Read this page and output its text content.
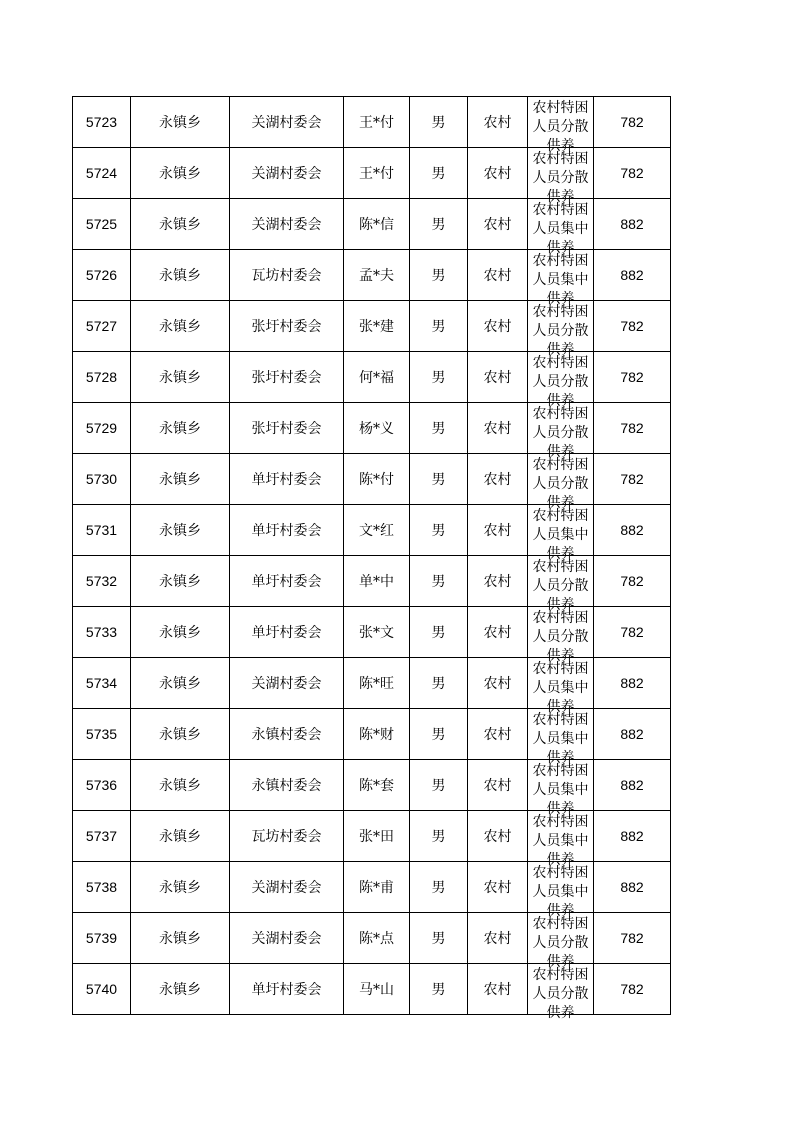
5723	永镇乡	关湖村委会	王*付	男	农村	农村特困
人员分散
供养	782
5724	永镇乡	关湖村委会	王*付	男	农村	农村特困
人员分散
供养	782
5725	永镇乡	关湖村委会	陈*信	男	农村	农村特困
人员集中
供养	882
5726	永镇乡	瓦坊村委会	孟*夫	男	农村	农村特困
人员集中
供养	882
5727	永镇乡	张圩村委会	张*建	男	农村	农村特困
人员分散
供养	782
5728	永镇乡	张圩村委会	何*福	男	农村	农村特困
人员分散
供养	782
5729	永镇乡	张圩村委会	杨*义	男	农村	农村特困
人员分散
供养	782
5730	永镇乡	单圩村委会	陈*付	男	农村	农村特困
人员分散
供养	782
5731	永镇乡	单圩村委会	文*红	男	农村	农村特困
人员集中
供养	882
5732	永镇乡	单圩村委会	单*中	男	农村	农村特困
人员分散
供养	782
5733	永镇乡	单圩村委会	张*文	男	农村	农村特困
人员分散
供养	782
5734	永镇乡	关湖村委会	陈*旺	男	农村	农村特困
人员集中
供养	882
5735	永镇乡	永镇村委会	陈*财	男	农村	农村特困
人员集中
供养	882
5736	永镇乡	永镇村委会	陈*套	男	农村	农村特困
人员集中
供养	882
5737	永镇乡	瓦坊村委会	张*田	男	农村	农村特困
人员集中
供养	882
5738	永镇乡	关湖村委会	陈*甫	男	农村	农村特困
人员集中
供养	882
5739	永镇乡	关湖村委会	陈*点	男	农村	农村特困
人员分散
供养	782
5740	永镇乡	单圩村委会	马*山	男	农村	农村特困
人员分散
供养	782
